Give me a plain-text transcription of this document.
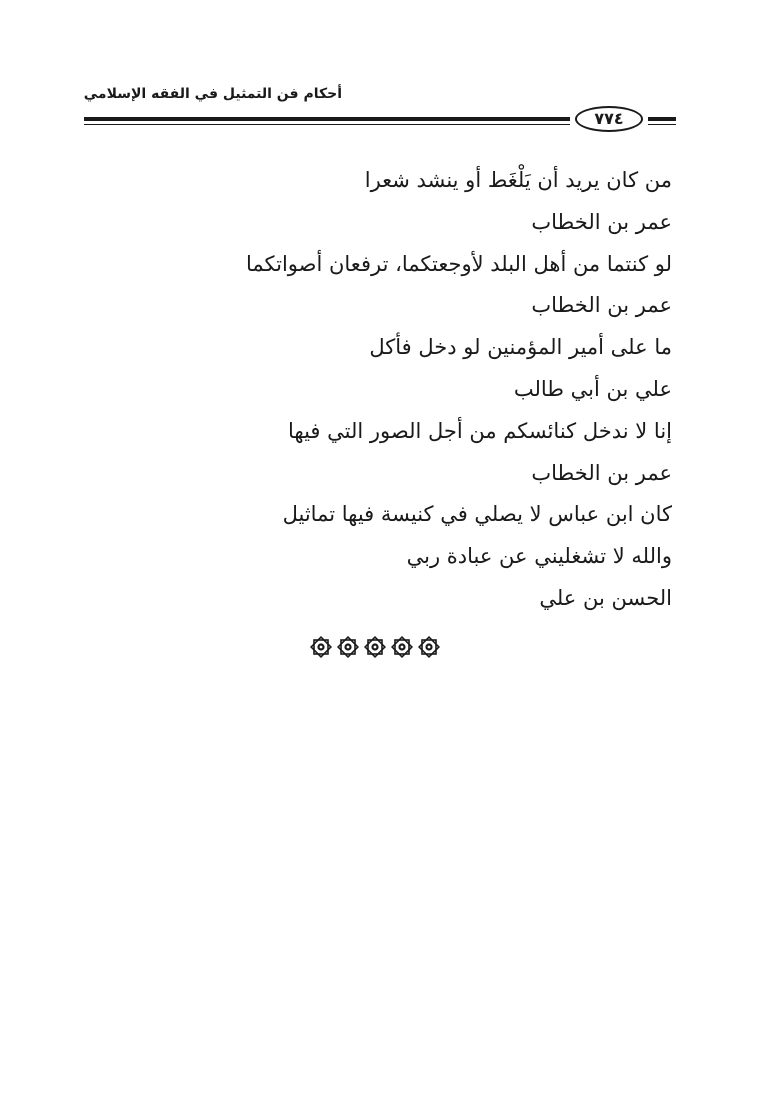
أحكام فن التمثيل في الفقه الإسلامي
٧٧٤
من كان يريد أن يَلْغَط أو ينشد شعرا
عمر بن الخطاب
لو كنتما من أهل البلد لأوجعتكما، ترفعان أصواتكما
عمر بن الخطاب
ما على أمير المؤمنين لو دخل فأكل
علي بن أبي طالب
إنا لا ندخل كنائسكم من أجل الصور التي فيها
عمر بن الخطاب
كان ابن عباس لا يصلي في كنيسة فيها تماثيل
والله لا تشغليني عن عبادة ربي
الحسن بن علي
